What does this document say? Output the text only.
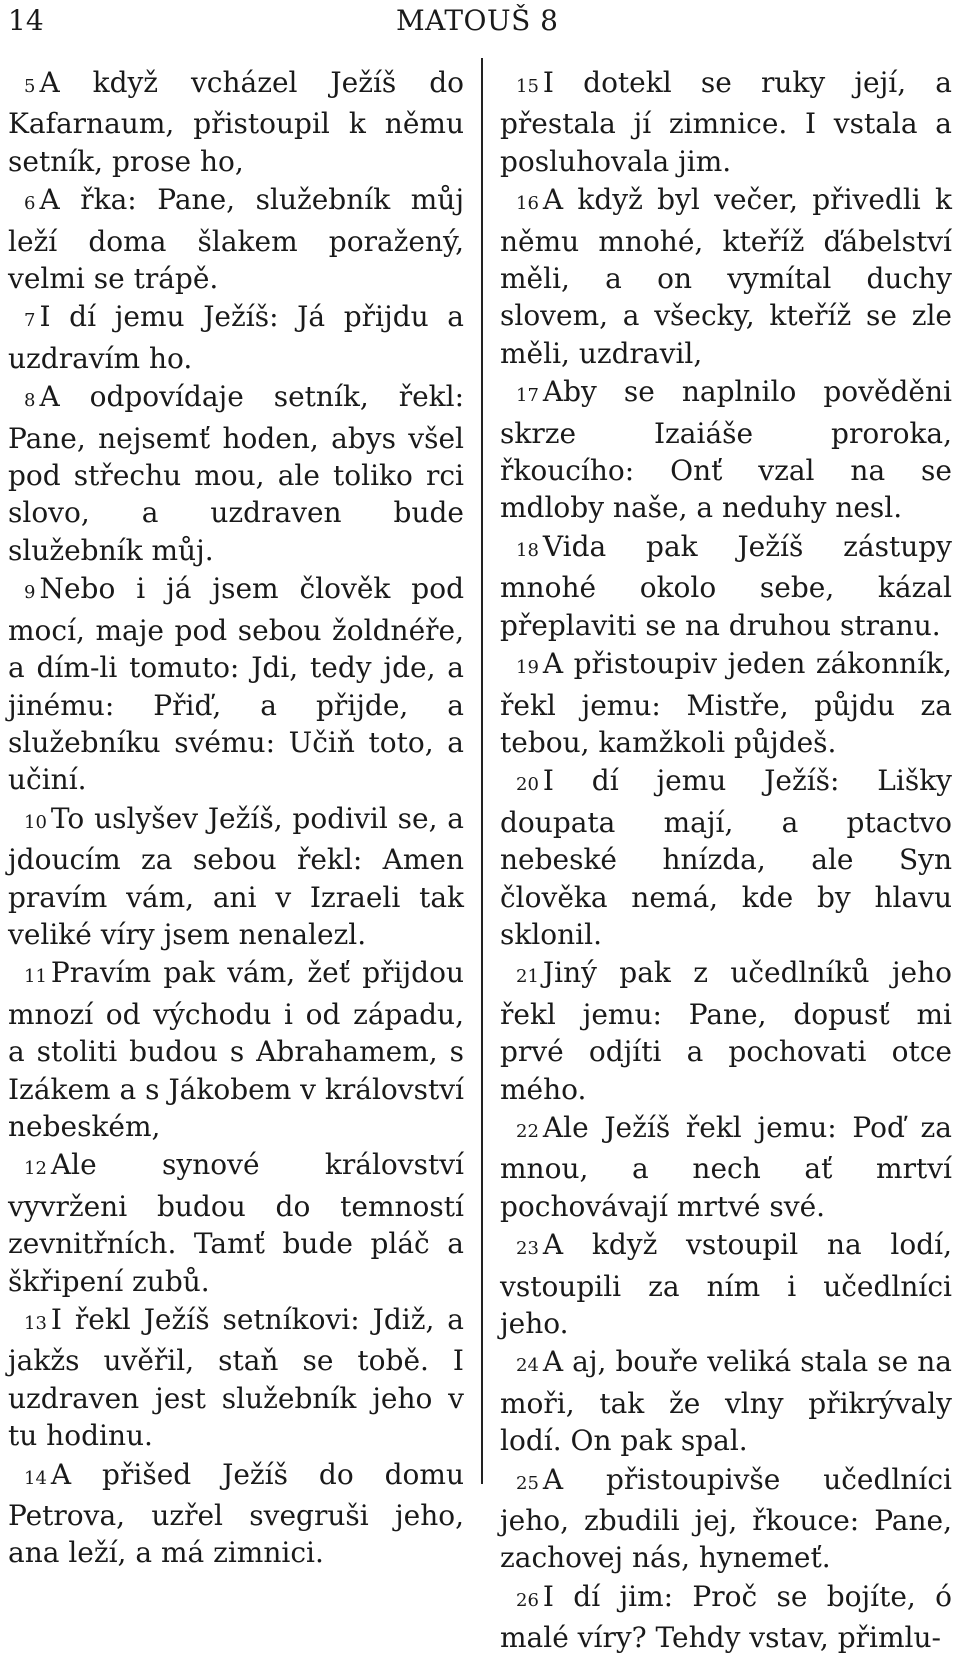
14	MATOUŠ 8

5 A když vcházel Ježíš do Kafarnaum, přistoupil k němu setník, prose ho,

6 A řka: Pane, služebník můj leží doma šlakem poražený, velmi se trápě.

7 I dí jemu Ježíš: Já přijdu a uzdravím ho.

8 A odpovídaje setník, řekl: Pane, nejsemť hoden, abys všel pod střechu mou, ale toliko rci slovo, a uzdraven bude služebník můj.

9 Nebo i já jsem člověk pod mocí, maje pod sebou žoldnéře, a dím-li tomuto: Jdi, tedy jde, a jinému: Přiď, a přijde, a služebníku svému: Učiň toto, a učiní.

10 To uslyšev Ježíš, podivil se, a jdoucím za sebou řekl: Amen pravím vám, ani v Izraeli tak veliké víry jsem nenalezl.

11 Pravím pak vám, žeť přijdou mnozí od východu i od západu, a stoliti budou s Abrahamem, s Izákem a s Jákobem v království nebeském,

12 Ale synové království vyvrženi budou do temností zevnitřních. Tamť bude pláč a škřipení zubů.

13 I řekl Ježíš setníkovi: Jdiž, a jakžs uvěřil, staň se tobě. I uzdraven jest služebník jeho v tu hodinu.

14 A přišed Ježíš do domu Petrova, uzřel svegruši jeho, ana leží, a má zimnici.

15 I dotekl se ruky její, a přestala jí zimnice. I vstala a posluhovala jim.

16 A když byl večer, přivedli k němu mnohé, kteříž ďábelství měli, a on vymítal duchy slovem, a všecky, kteříž se zle měli, uzdravil,

17 Aby se naplnilo pověděni skrze Izaiáše proroka, řkoucího: Onť vzal na se mdloby naše, a neduhy nesl.

18 Vida pak Ježíš zástupy mnohé okolo sebe, kázal přeplaviti se na druhou stranu.

19 A přistoupiv jeden zákonník, řekl jemu: Mistře, půjdu za tebou, kamžkoli půjdeš.

20 I dí jemu Ježíš: Lišky doupata mají, a ptactvo nebeské hnízda, ale Syn člověka nemá, kde by hlavu sklonil.

21 Jiný pak z učedlníků jeho řekl jemu: Pane, dopusť mi prvé odjíti a pochovati otce mého.

22 Ale Ježíš řekl jemu: Poď za mnou, a nech ať mrtví pochovávají mrtvé své.

23 A když vstoupil na lodí, vstoupili za ním i učedlníci jeho.

24 A aj, bouře veliká stala se na moři, tak že vlny přikrývaly lodí. On pak spal.

25 A přistoupivše učedlníci jeho, zbudili jej, řkouce: Pane, zachovej nás, hynemeť.

26 I dí jim: Proč se bojíte, ó malé víry? Tehdy vstav, přimlu-
